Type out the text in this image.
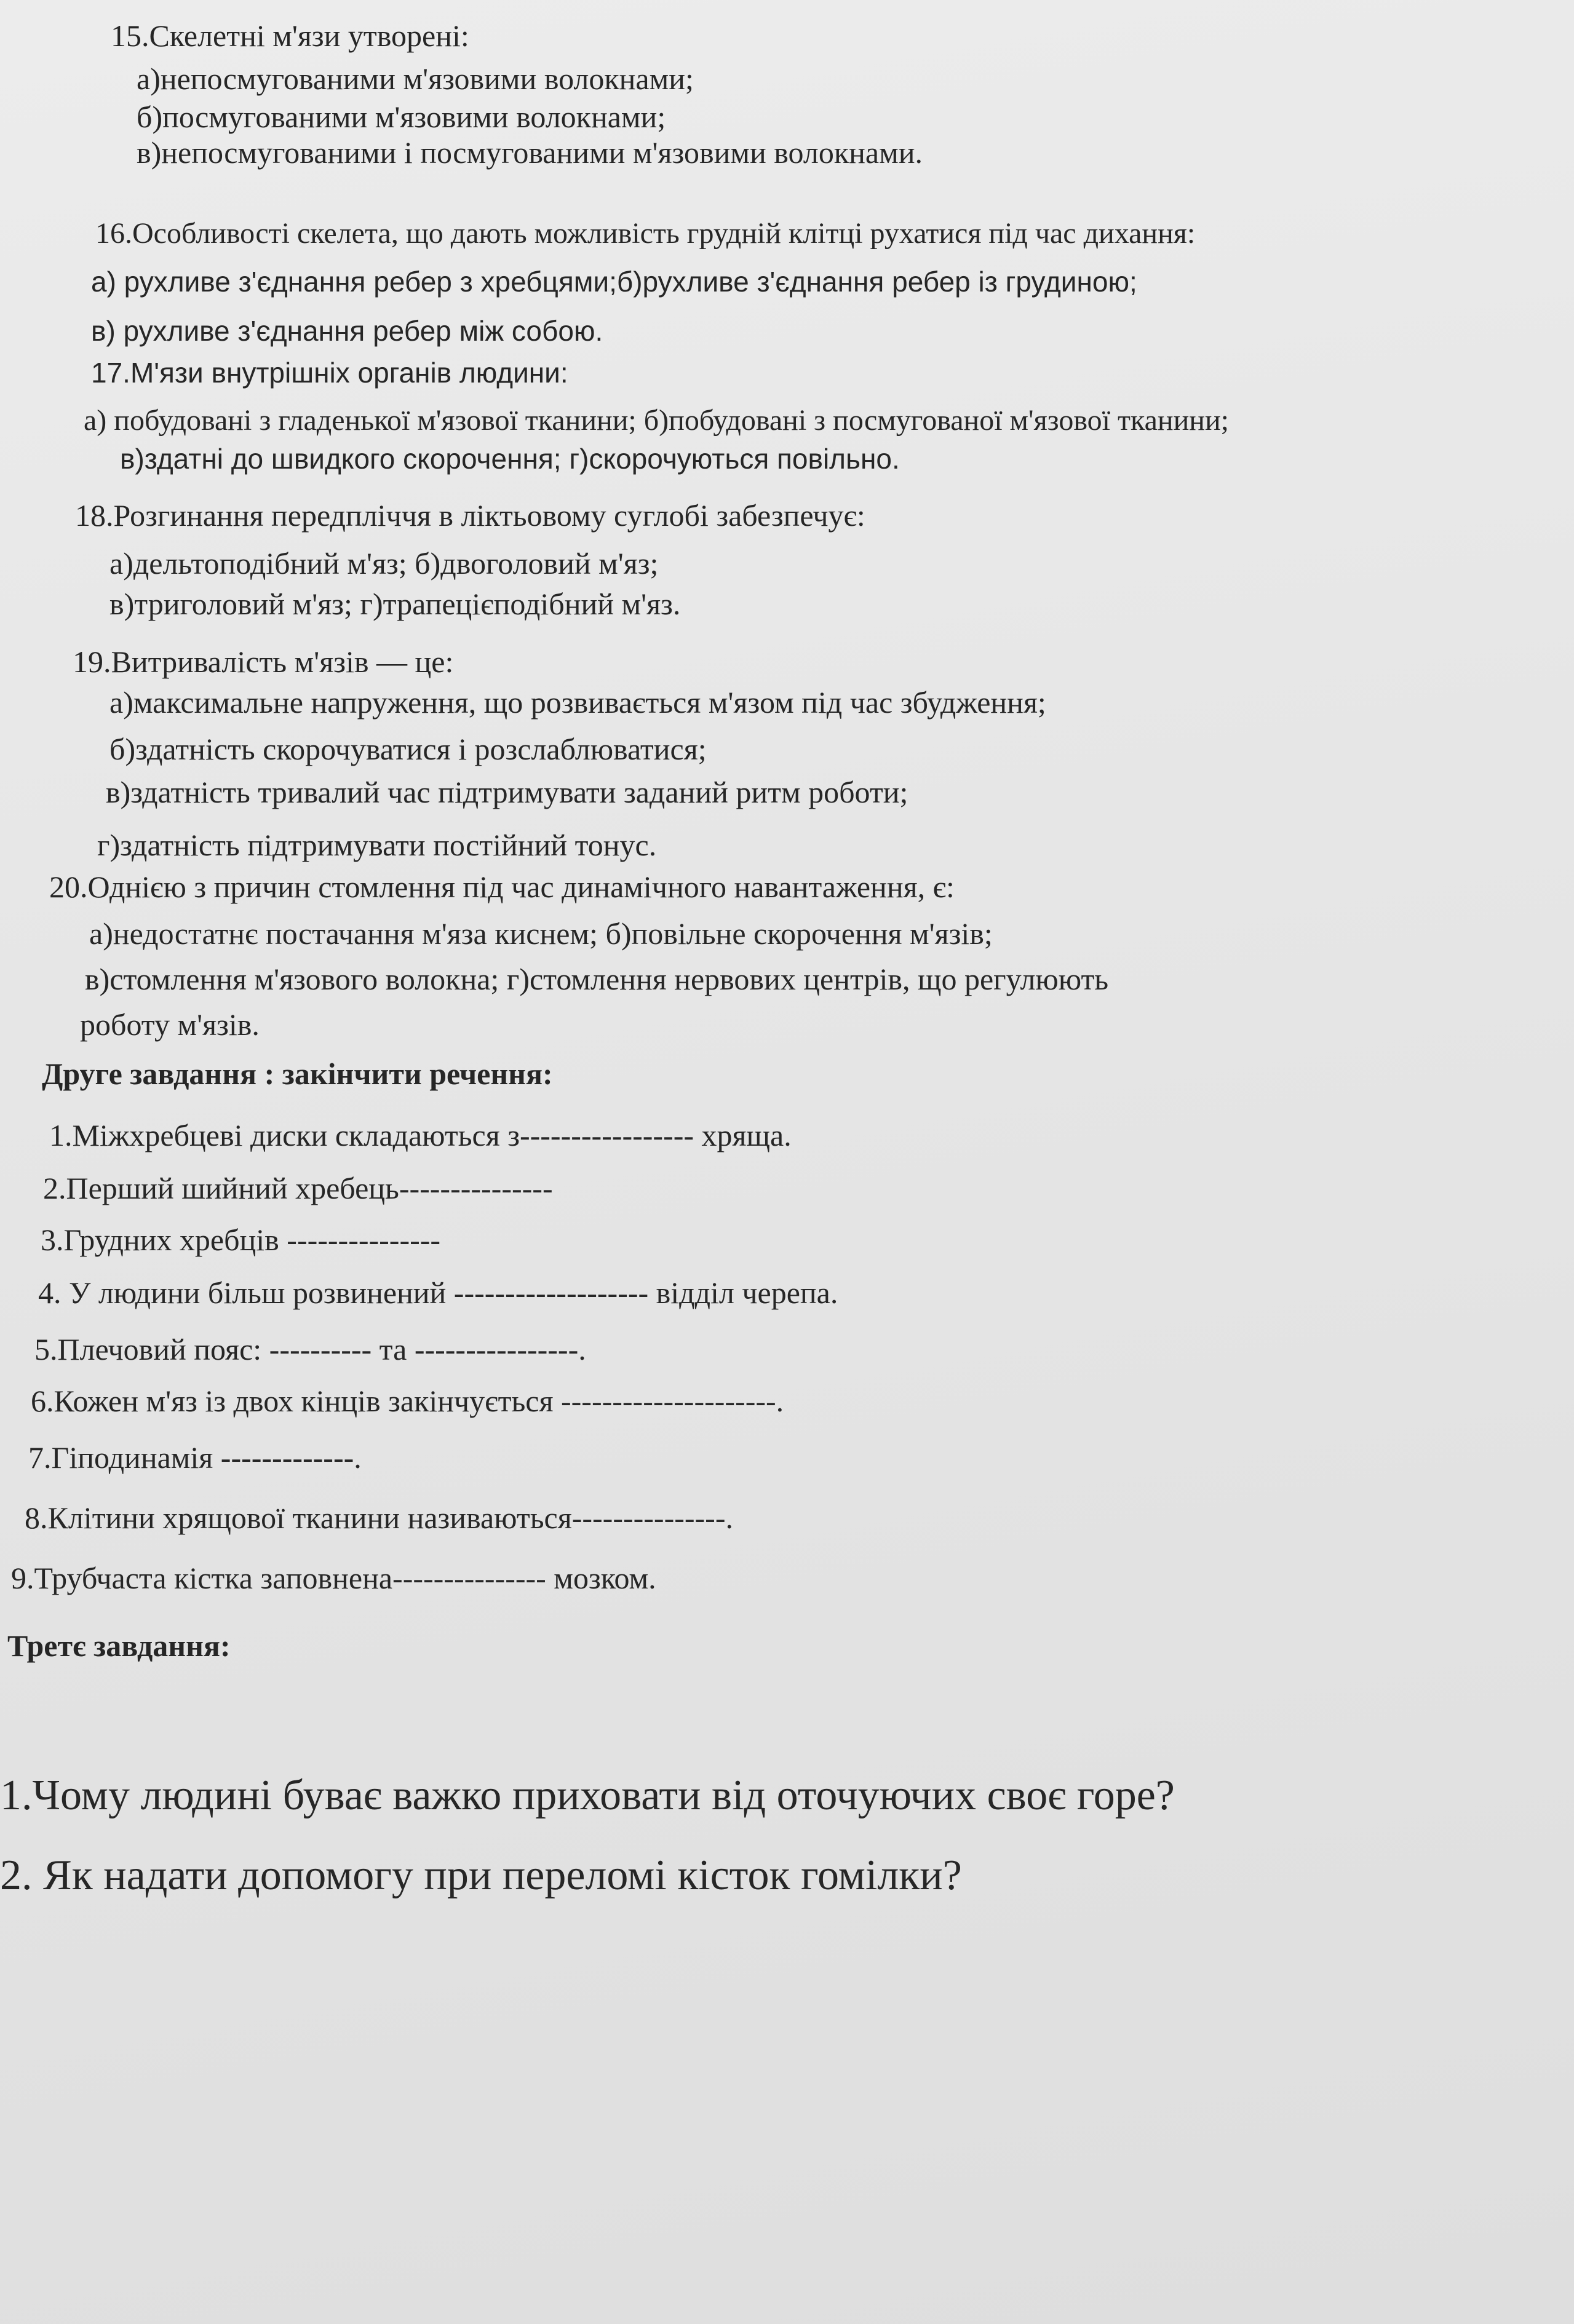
15.Скелетні м'язи утворені:
а)непосмугованими м'язовими волокнами;
б)посмугованими м'язовими волокнами;
в)непосмугованими і посмугованими м'язовими волокнами.
16.Особливості скелета, що дають можливість грудній клітці рухатися під час дихання:
а) рухливе з'єднання ребер з хребцями;б)рухливе з'єднання ребер із грудиною;
в) рухливе з'єднання ребер між собою.
17.М'язи внутрішніх органів людини:
а) побудовані з гладенької м'язової тканини; б)побудовані з посмугованої м'язової тканини;
в)здатні до швидкого скорочення; г)скорочуються повільно.
18.Розгинання передпліччя в ліктьовому суглобі забезпечує:
а)дельтоподібний м'яз; б)двоголовий м'яз;
в)триголовий м'яз; г)трапецієподібний м'яз.
19.Витривалість м'язів — це:
а)максимальне напруження, що розвивається м'язом під час збудження;
б)здатність скорочуватися і розслаблюватися;
в)здатність тривалий час підтримувати заданий ритм роботи;
г)здатність підтримувати постійний тонус.
20.Однією з причин стомлення під час динамічного навантаження, є:
а)недостатнє постачання м'яза киснем; б)повільне скорочення м'язів;
в)стомлення м'язового волокна; г)стомлення нервових центрів, що регулюють
роботу м'язів.
Друге завдання : закінчити речення:
1.Міжхребцеві диски складаються з----------------- хряща.
2.Перший шийний хребець---------------
3.Грудних хребців ---------------
4. У людини більш розвинений ------------------- відділ черепа.
5.Плечовий пояс: ---------- та ----------------.
6.Кожен м'яз із двох кінців закінчується ---------------------.
7.Гіподинамія -------------.
8.Клітини хрящової тканини називаються---------------.
9.Трубчаста кістка заповнена--------------- мозком.
Третє завдання:
1.Чому людині буває важко приховати від оточуючих своє горе?
2. Як надати допомогу при переломі кісток гомілки?
